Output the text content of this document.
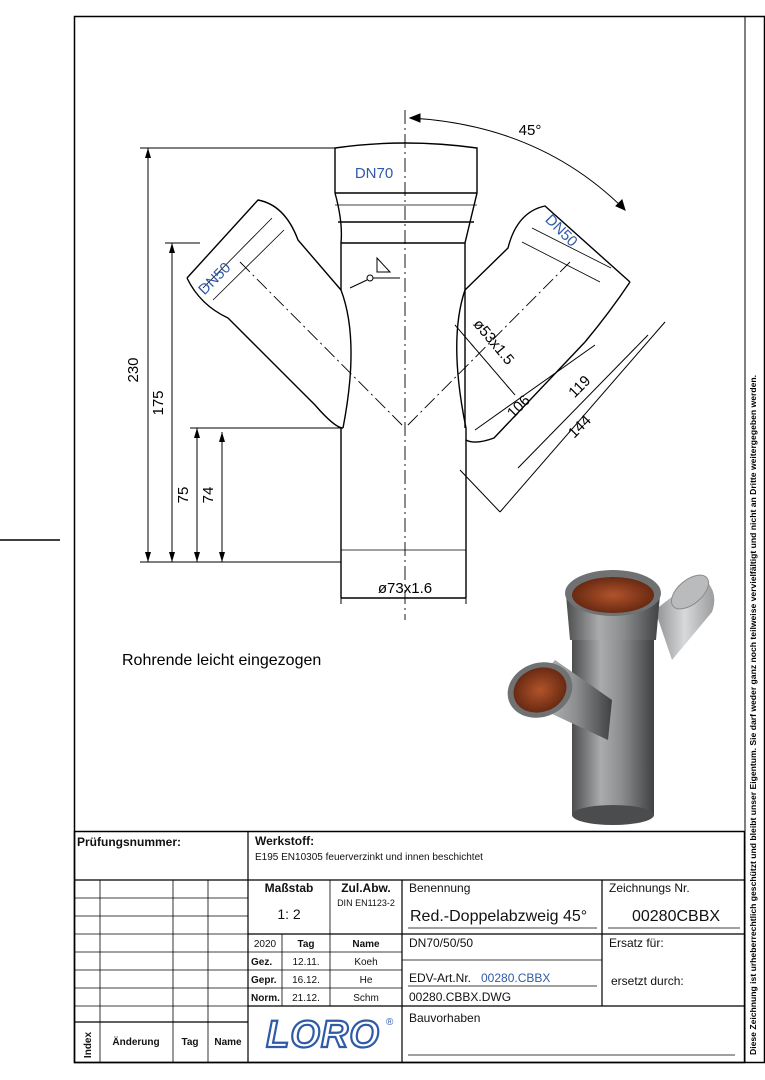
230
175
75 74
ø73x1.6
45°
106
119
144
ø53x1.5
DN70
DN50
DN50
Rohrende leicht eingezogen	Diese Zeichnung ist urheberrechtlich geschützt und bleibt unser Eigentum. Sie darf weder ganz noch teilweise vervielfältigt und nicht an Dritte weitergegeben werden.
Prüfungsnummer:	Werkstoff:
E195 EN10305 feuerverzinkt und innen beschichtet
Maßstab
1: 2
Zul.Abw.
DIN EN1123-2
Benennung
Red.-Doppelabzweig 45°
Zeichnungs Nr.
00280CBBX
DN70/50/50	Ersatz für:
EDV-Art.Nr. 00280.CBBX	ersetzt durch:
00280.CBBX.DWG
Bauvorhaben
2020 Tag	Name
Gez. 12.11.	Koeh
Gepr. 16.12.	He
Norm. 21.12.	Schm
Index Änderung Tag Name LORO ®
